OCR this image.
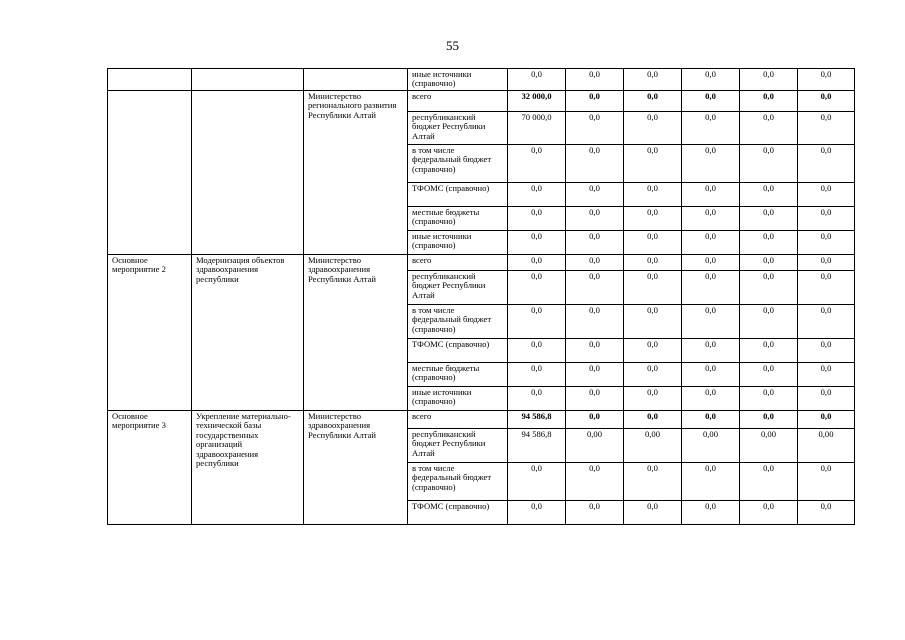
55
			иные источники (справочно)	0,0	0,0	0,0	0,0	0,0	0,0
		Министерство регионального развития Республики Алтай	всего	32 000,0	0,0	0,0	0,0	0,0	0,0
			республиканский бюджет Республики Алтай	70 000,0	0,0	0,0	0,0	0,0	0,0
			в том числе федеральный бюджет (справочно)	0,0	0,0	0,0	0,0	0,0	0,0
			ТФОМС (справочно)	0,0	0,0	0,0	0,0	0,0	0,0
			местные бюджеты (справочно)	0,0	0,0	0,0	0,0	0,0	0,0
			иные источники (справочно)	0,0	0,0	0,0	0,0	0,0	0,0
Основное мероприятие 2	Модернизация объектов здравоохранения республики	Министерство здравоохранения Республики Алтай	всего	0,0	0,0	0,0	0,0	0,0	0,0
			республиканский бюджет Республики Алтай	0,0	0,0	0,0	0,0	0,0	0,0
			в том числе федеральный бюджет (справочно)	0,0	0,0	0,0	0,0	0,0	0,0
			ТФОМС (справочно)	0,0	0,0	0,0	0,0	0,0	0,0
			местные бюджеты (справочно)	0,0	0,0	0,0	0,0	0,0	0,0
			иные источники (справочно)	0,0	0,0	0,0	0,0	0,0	0,0
Основное мероприятие 3	Укрепление материально-технической базы государственных организаций здравоохранения республики	Министерство здравоохранения Республики Алтай	всего	94 586,8	0,0	0,0	0,0	0,0	0,0
			республиканский бюджет Республики Алтай	94 586,8	0,00	0,00	0,00	0,00	0,00
			в том числе федеральный бюджет (справочно)	0,0	0,0	0,0	0,0	0,0	0,0
			ТФОМС (справочно)	0,0	0,0	0,0	0,0	0,0	0,0
